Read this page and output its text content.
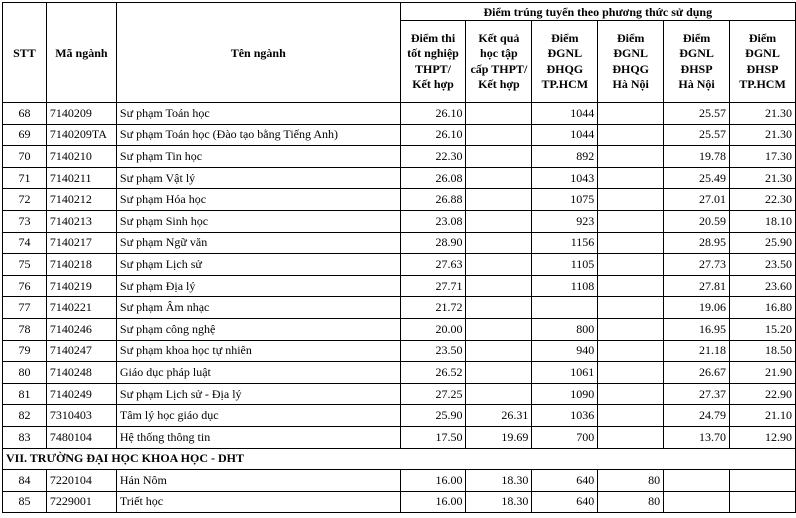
STT	Mã ngành	Tên ngành	Điểm trúng tuyển theo phương thức sử dụng					
			Điểm thi
tốt nghiệp
THPT/
Kết hợp	Kết quả
học tập
cấp THPT/
Kết hợp	Điểm
ĐGNL
ĐHQG
TP.HCM	Điểm
ĐGNL
ĐHQG
Hà Nội	Điểm
ĐGNL
ĐHSP
Hà Nội	Điểm
ĐGNL
ĐHSP
TP.HCM
68	7140209	Sư phạm Toán học	26.10		1044		25.57	21.30
69	7140209TA	Sư phạm Toán học (Đào tạo bằng Tiếng Anh)	26.10		1044		25.57	21.30
70	7140210	Sư phạm Tin học	22.30		892		19.78	17.30
71	7140211	Sư phạm Vật lý	26.08		1043		25.49	21.30
72	7140212	Sư phạm Hóa học	26.88		1075		27.01	22.30
73	7140213	Sư phạm Sinh học	23.08		923		20.59	18.10
74	7140217	Sư phạm Ngữ văn	28.90		1156		28.95	25.90
75	7140218	Sư phạm Lịch sử	27.63		1105		27.73	23.50
76	7140219	Sư phạm Địa lý	27.71		1108		27.81	23.60
77	7140221	Sư phạm Âm nhạc	21.72				19.06	16.80
78	7140246	Sư phạm công nghệ	20.00		800		16.95	15.20
79	7140247	Sư phạm khoa học tự nhiên	23.50		940		21.18	18.50
80	7140248	Giáo dục pháp luật	26.52		1061		26.67	21.90
81	7140249	Sư phạm Lịch sử - Địa lý	27.25		1090		27.37	22.90
82	7310403	Tâm lý học giáo dục	25.90	26.31	1036		24.79	21.10
83	7480104	Hệ thống thông tin	17.50	19.69	700		13.70	12.90
VII. TRƯỜNG ĐẠI HỌC KHOA HỌC - DHT								
84	7220104	Hán Nôm	16.00	18.30	640	80		
85	7229001	Triết học	16.00	18.30	640	80		
